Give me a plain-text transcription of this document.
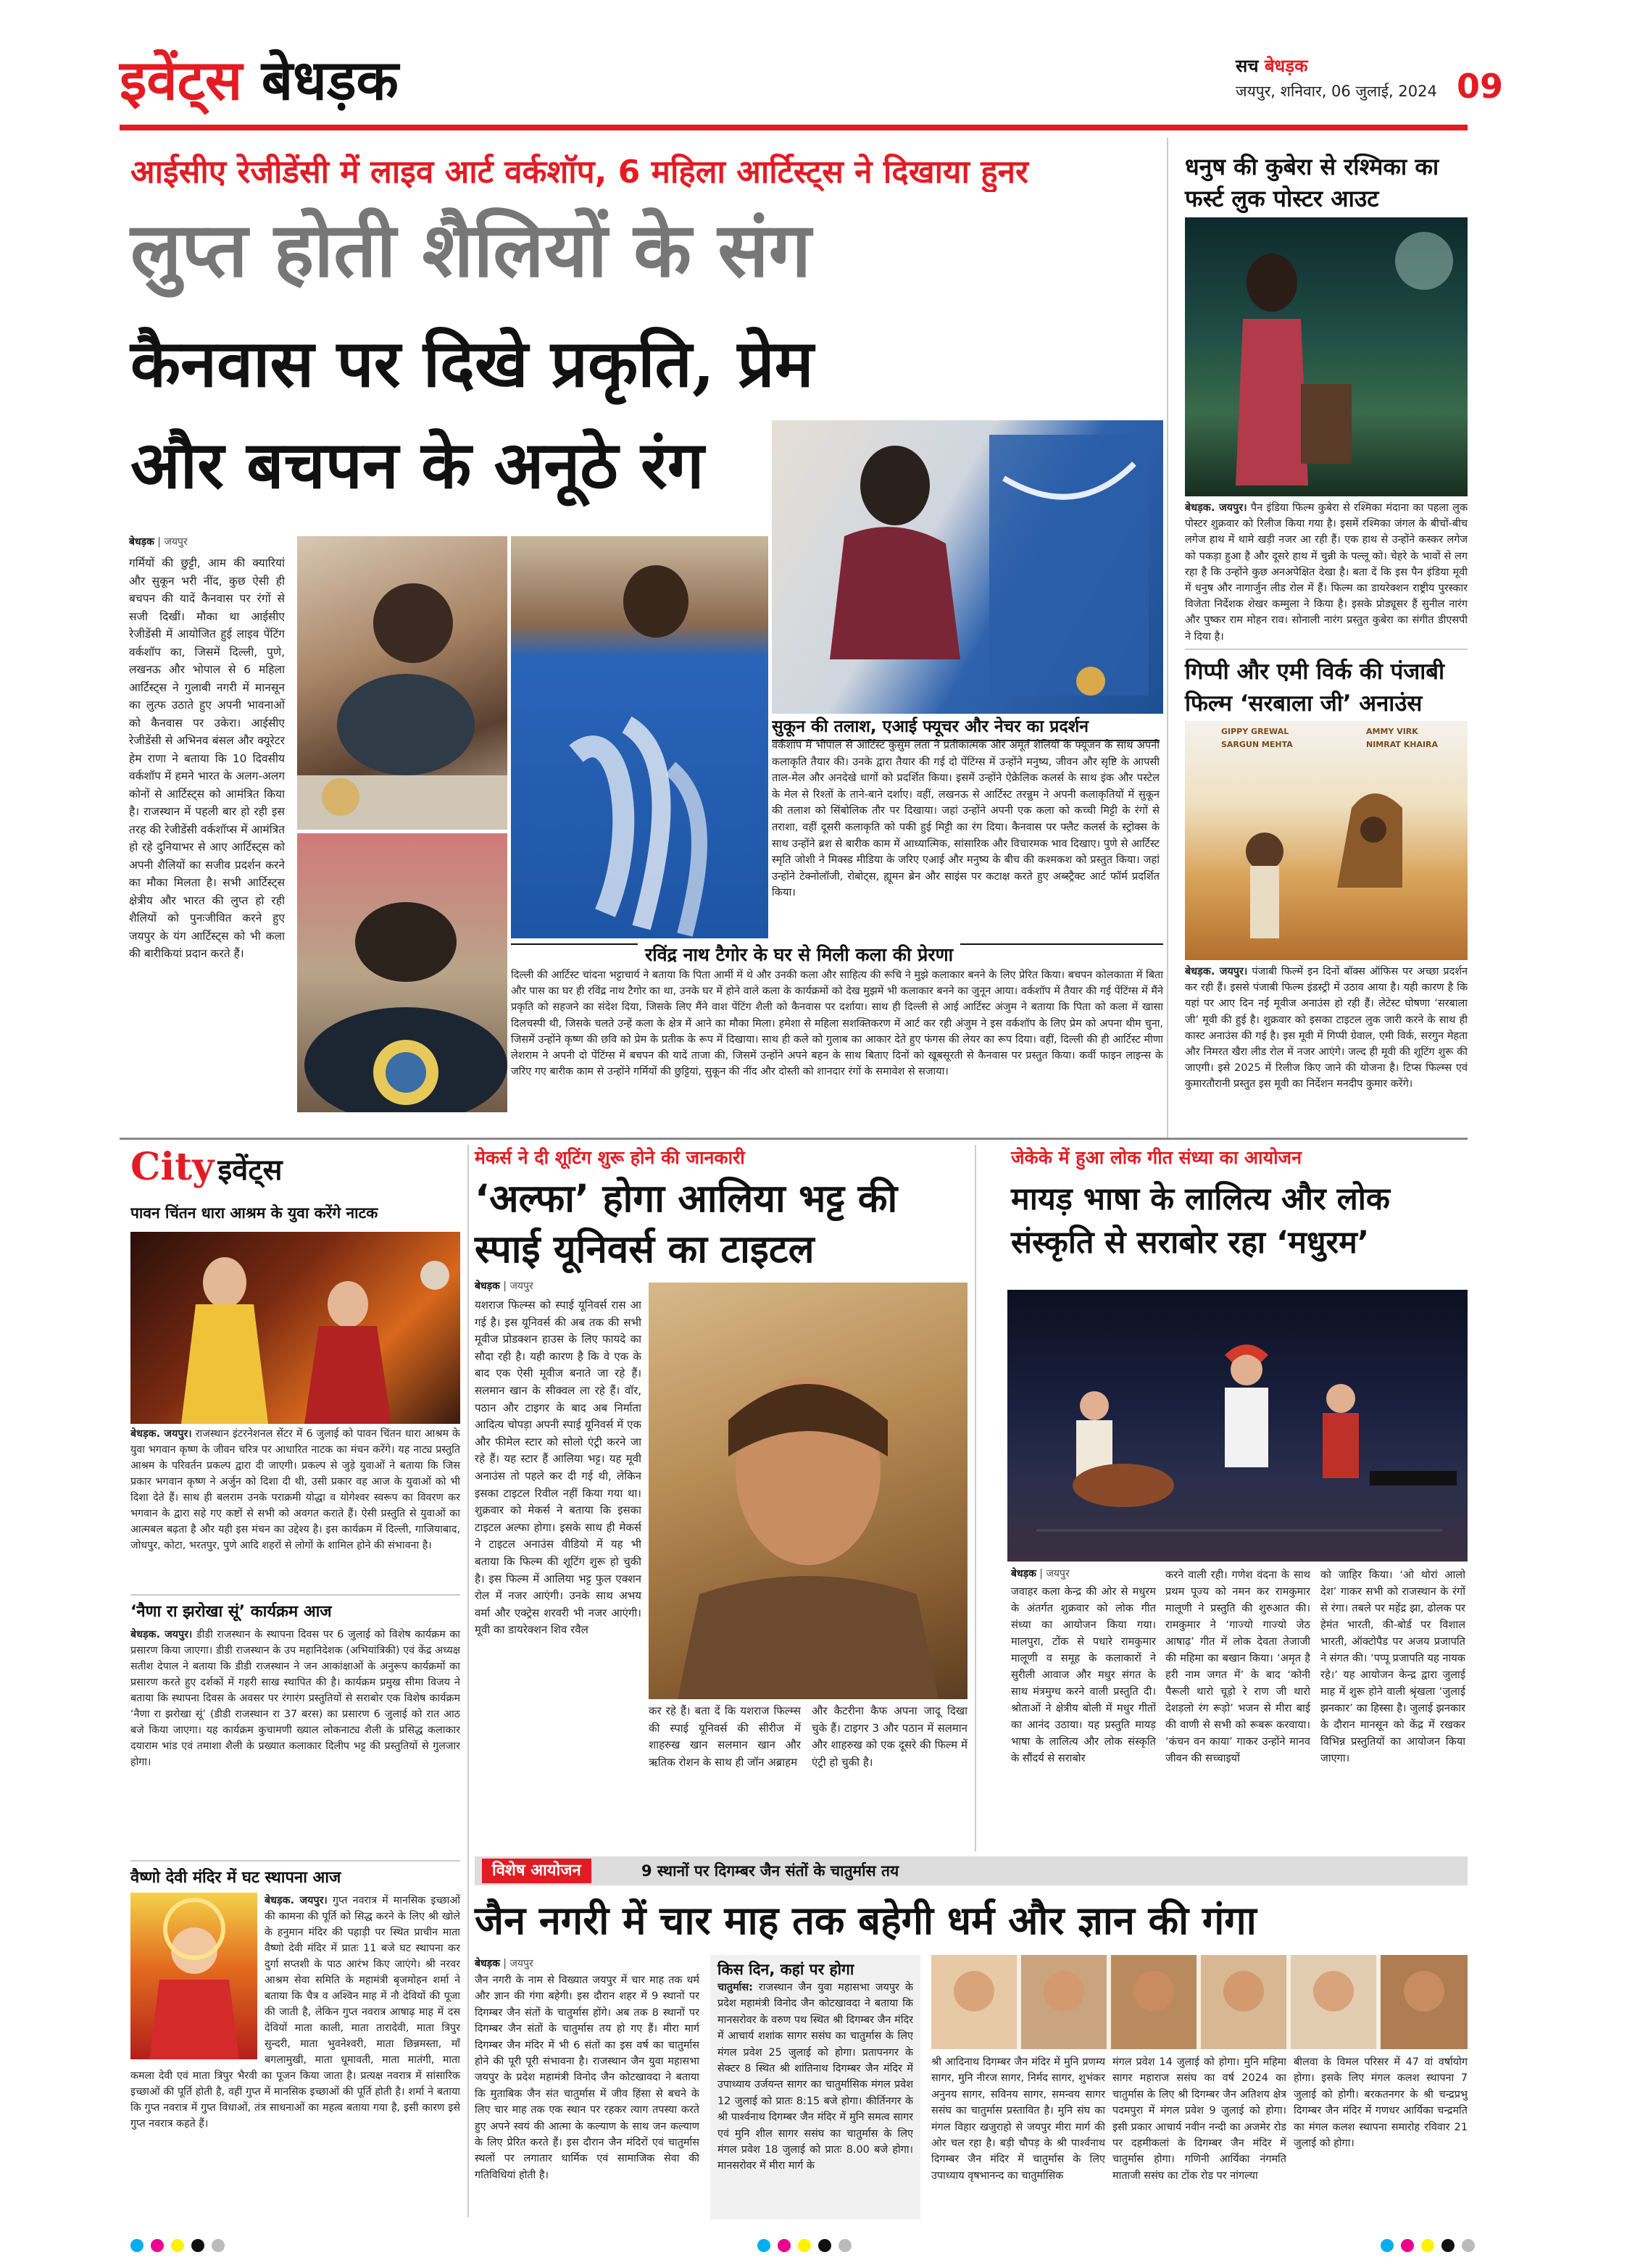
इवेंट्स बेधड़क	सच बेधड़क
जयपुर, शनिवार, 06 जुलाई, 2024 09
आईसीए रेजीडेंसी में लाइव आर्ट वर्कशॉप, 6 महिला आर्टिस्ट्स ने दिखाया हुनर
लुप्त होती शैलियों के संग
कैनवास पर दिखे प्रकृति, प्रेम
और बचपन के अनूठे रंग
बेधड़क | जयपुर
गर्मियों की छुट्टी, आम की क्यारियां और सुकून भरी नींद, कुछ ऐसी ही बचपन की यादें कैनवास पर रंगों से सजी दिखीं। मौका था आईसीए रेजीडेंसी में आयोजित हुई लाइव पेंटिंग वर्कशॉप का, जिसमें दिल्ली, पुणे, लखनऊ और भोपाल से 6 महिला आर्टिस्ट्स ने गुलाबी नगरी में मानसून का लुत्फ उठाते हुए अपनी भावनाओं को कैनवास पर उकेरा। आईसीए रेजीडेंसी से अभिनव बंसल और क्यूरेटर हेम राणा ने बताया कि 10 दिवसीय वर्कशॉप में हमने भारत के अलग-अलग कोनों से आर्टिस्ट्स को आमंत्रित किया है। राजस्थान में पहली बार हो रही इस तरह की रेजीडेंसी वर्कशॉप्स में आमंत्रित हो रहे दुनियाभर से आए आर्टिस्ट्स को अपनी शैलियों का सजीव प्रदर्शन करने का मौका मिलता है। सभी आर्टिस्ट्स क्षेत्रीय और भारत की लुप्त हो रही शैलियों को पुनःजीवित करने हुए जयपुर के यंग आर्टिस्ट्स को भी कला की बारीकियां प्रदान करते हैं।
सुकून की तलाश, एआई फ्यूचर और नेचर का प्रदर्शन
वर्कशॉप में भोपाल से आर्टिस्ट कुसुम लता ने प्रतीकात्मक और अमूर्त शैलियों के फ्यूजन के साथ अपनी कलाकृति तैयार की। उनके द्वारा तैयार की गई दो पेंटिंग्स में उन्होंने मनुष्य, जीवन और सृष्टि के आपसी ताल-मेल और अनदेखे धागों को प्रदर्शित किया। इसमें उन्होंने ऐक्रेलिक कलर्स के साथ इंक और पस्टेल के मेल से रिश्तों के ताने-बाने दर्शाए। वहीं, लखनऊ से आर्टिस्ट तरन्नुम ने अपनी कलाकृतियों में सुकून की तलाश को सिंबोलिक तौर पर दिखाया। जहां उन्होंने अपनी एक कला को कच्ची मिट्टी के रंगों से तराशा, वहीं दूसरी कलाकृति को पकी हुई मिट्टी का रंग दिया। कैनवास पर फ्लैट कलर्स के स्ट्रोक्स के साथ उन्होंने ब्रश से बारीक काम में आध्यात्मिक, सांसारिक और विचारमक भाव दिखाए। पुणे से आर्टिस्ट स्मृति जोशी ने मिक्स्ड मीडिया के जरिए एआई और मनुष्य के बीच की कश्मकश को प्रस्तुत किया। जहां उन्होंने टेक्नोलॉजी, रोबोट्स, ह्यूमन ब्रेन और साइंस पर कटाक्ष करते हुए अब्स्ट्रैक्ट आर्ट फॉर्म प्रदर्शित किया।
रविंद्र नाथ टैगोर के घर से मिली कला की प्रेरणा
दिल्ली की आर्टिस्ट चांदना भट्टाचार्य ने बताया कि पिता आर्मी में थे और उनकी कला और साहित्य की रूचि ने मुझे कलाकार बनने के लिए प्रेरित किया। बचपन कोलकाता में बिता और पास का घर ही रविंद्र नाथ टैगोर का था, उनके घर में होने वाले कला के कार्यक्रमों को देख मुझमें भी कलाकार बनने का जुनून आया। वर्कशॉप में तैयार की गई पेंटिंग्स में मैंने प्रकृति को सहजने का संदेश दिया, जिसके लिए मैंने वाश पेंटिंग शैली को कैनवास पर दर्शाया। साथ ही दिल्ली से आई आर्टिस्ट अंजुम ने बताया कि पिता को कला में खासा दिलचस्पी थी, जिसके चलते उन्हें कला के क्षेत्र में आने का मौका मिला। हमेशा से महिला सशक्तिकरण में आर्ट कर रही अंजुम ने इस वर्कशॉप के लिए प्रेम को अपना थीम चुना, जिसमें उन्होंने कृष्ण की छवि को प्रेम के प्रतीक के रूप में दिखाया। साथ ही कले को गुलाब का आकार देते हुए फंगस की लेयर का रूप दिया। वहीं, दिल्ली की ही आर्टिस्ट मीणा लेशराम ने अपनी दो पेंटिंग्स में बचपन की यादें ताजा की, जिसमें उन्होंने अपने बहन के साथ बिताए दिनों को खूबसूरती से कैनवास पर प्रस्तुत किया। कर्वी फाइन लाइन्स के जरिए गए बारीक काम से उन्होंने गर्मियों की छुट्टियां, सुकून की नींद और दोस्ती को शानदार रंगों के समावेश से सजाया।
धनुष की कुबेरा से रश्मिका का फर्स्ट लुक पोस्टर आउट
बेधड़क. जयपुर। पैन इंडिया फिल्म कुबेरा से रश्मिका मंदाना का पहला लुक पोस्टर शुक्रवार को रिलीज किया गया है। इसमें रश्मिका जंगल के बीचों-बीच लगेज हाथ में थामे खड़ी नजर आ रही हैं। एक हाथ से उन्होंने कस्कर लगेज को पकड़ा हुआ है और दूसरे हाथ में चुन्नी के पल्लू को। चेहरे के भावों से लग रहा है कि उन्होंने कुछ अनअपेक्षित देखा है। बता दें कि इस पैन इंडिया मूवी में धनुष और नागार्जुन लीड रोल में हैं। फिल्म का डायरेक्शन राष्ट्रीय पुरस्कार विजेता निर्देशक शेखर कम्मुला ने किया है। इसके प्रोड्यूसर हैं सुनील नारंग और पुष्कर राम मोहन राव। सोनाली नारंग प्रस्तुत कुबेरा का संगीत डीएसपी ने दिया है।
गिप्पी और एमी विर्क की पंजाबी फिल्म ‘सरबाला जी’ अनाउंस
GIPPY GREWAL	AMMY VIRK
SARGUN MEHTA	NIMRAT KHAIRA
बेधड़क. जयपुर। पंजाबी फिल्में इन दिनों बॉक्स ऑफिस पर अच्छा प्रदर्शन कर रही हैं। इससे पंजाबी फिल्म इंडस्ट्री में उठाव आया है। यही कारण है कि यहां पर आए दिन नई मूवीज अनाउंस हो रही हैं। लेटेस्ट घोषणा ‘सरबाला जी’ मूवी की हुई है। शुक्रवार को इसका टाइटल लुक जारी करने के साथ ही कास्ट अनाउंस की गई है। इस मूवी में गिप्पी ग्रेवाल, एमी विर्क, सरगुन मेहता और निमरत खैरा लीड रोल में नजर आएंगे। जल्द ही मूवी की शूटिंग शुरू की जाएगी। इसे 2025 में रिलीज किए जाने की योजना है। टिप्स फिल्म्स एवं कुमारतौरानी प्रस्तुत इस मूवी का निर्देशन मनदीप कुमार करेंगे।
City इवेंट्स
पावन चिंतन धारा आश्रम के युवा करेंगे नाटक
बेधड़क. जयपुर। राजस्थान इंटरनेशनल सेंटर में 6 जुलाई को पावन चिंतन धारा आश्रम के युवा भगवान कृष्ण के जीवन चरित्र पर आधारित नाटक का मंचन करेंगे। यह नाट्य प्रस्तुति आश्रम के परिवर्तन प्रकल्प द्वारा दी जाएगी। प्रकल्प से जुड़े युवाओं ने बताया कि जिस प्रकार भगवान कृष्ण ने अर्जुन को दिशा दी थी, उसी प्रकार वह आज के युवाओं को भी दिशा देते हैं। साथ ही बलराम उनके पराक्रमी योद्धा व योगेश्वर स्वरूप का विवरण कर भगवान के द्वारा सहे गए कष्टों से सभी को अवगत कराते हैं। ऐसी प्रस्तुति से युवाओं का आत्मबल बढ़ता है और यही इस मंचन का उद्देश्य है। इस कार्यक्रम में दिल्ली, गाजियाबाद, जोधपुर, कोटा, भरतपुर, पुणे आदि शहरों से लोगों के शामिल होने की संभावना है।
‘नैणा रा झरोखा सूं’ कार्यक्रम आज
बेधड़क. जयपुर। डीडी राजस्थान के स्थापना दिवस पर 6 जुलाई को विशेष कार्यक्रम का प्रसारण किया जाएगा। डीडी राजस्थान के उप महानिदेशक (अभियांत्रिकी) एवं केंद्र अध्यक्ष सतीश देपाल ने बताया कि डीडी राजस्थान ने जन आकांक्षाओं के अनुरूप कार्यक्रमों का प्रसारण करते हुए दर्शकों में गहरी साख स्थापित की है। कार्यक्रम प्रमुख सीमा विजय ने बताया कि स्थापना दिवस के अवसर पर रंगारंग प्रस्तुतियों से सराबोर एक विशेष कार्यक्रम ‘नैणा रा झरोखा सूं’ (डीडी राजस्थान रा 37 बरस) का प्रसारण 6 जुलाई को रात आठ बजे किया जाएगा। यह कार्यक्रम कुचामणी ख्याल लोकनाट्य शैली के प्रसिद्ध कलाकार दयाराम भांड एवं तमाशा शैली के प्रख्यात कलाकार दिलीप भट्ट की प्रस्तुतियों से गुलजार होगा।
वैष्णो देवी मंदिर में घट स्थापना आज
बेधड़क. जयपुर। गुप्त नवरात्र में मानसिक इच्छाओं की कामना की पूर्ति को सिद्ध करने के लिए श्री खोले के हनुमान मंदिर की पहाड़ी पर स्थित प्राचीन माता वैष्णो देवी मंदिर में प्रातः 11 बजे घट स्थापना कर दुर्गा सप्तशी के पाठ आरंभ किए जाएंगे। श्री नरवर आश्रम सेवा समिति के महामंत्री बृजमोहन शर्मा ने बताया कि चैत्र व अश्विन माह में नौ देवियों की पूजा की जाती है, लेकिन गुप्त नवरात्र आषाढ़ माह में दस देवियों माता काली, माता तारादेवी, माता त्रिपुर सुन्दरी, माता भुवनेश्वरी, माता छिन्नमस्ता, माँ बगलामुखी, माता धूमावती, माता मातंगी, माता कमला देवी एवं माता त्रिपुर भैरवी का पूजन किया जाता है। प्रत्यक्ष नवरात्र में सांसारिक इच्छाओं की पूर्ति होती है, वहीं गुप्त में मानसिक इच्छाओं की पूर्ति होती है। शर्मा ने बताया कि गुप्त नवरात्र में गुप्त विधाओं, तंत्र साधनाओं का महत्व बताया गया है, इसी कारण इसे गुप्त नवरात्र कहते हैं।
मेकर्स ने दी शूटिंग शुरू होने की जानकारी
‘अल्फा’ होगा आलिया भट्ट की स्पाई यूनिवर्स का टाइटल
बेधड़क | जयपुर
यशराज फिल्म्स को स्पाई यूनिवर्स रास आ गई है। इस यूनिवर्स की अब तक की सभी मूवीज प्रोडक्शन हाउस के लिए फायदे का सौदा रही है। यही कारण है कि वे एक के बाद एक ऐसी मूवीज बनाते जा रहे हैं। सलमान खान के सीक्वल ला रहे हैं। वॉर, पठान और टाइगर के बाद अब निर्माता आदित्य चोपड़ा अपनी स्पाई यूनिवर्स में एक और फीमेल स्टार को सोलो एंट्री करने जा रहे हैं। यह स्टार हैं आलिया भट्ट। यह मूवी अनाउंस तो पहले कर दी गई थी, लेकिन इसका टाइटल रिवील नहीं किया गया था। शुक्रवार को मेकर्स ने बताया कि इसका टाइटल अल्फा होगा। इसके साथ ही मेकर्स ने टाइटल अनाउंस वीडियो में यह भी बताया कि फिल्म की शूटिंग शुरू हो चुकी है। इस फिल्म में आलिया भट्ट फुल एक्शन रोल में नजर आएंगी। उनके साथ अभय वर्मा और एक्ट्रेस शरवरी भी नजर आएंगी। मूवी का डायरेक्शन शिव रवैल
कर रहे हैं। बता दें कि यशराज फिल्म्स की स्पाई यूनिवर्स की सीरीज में शाहरुख खान सलमान खान और ऋतिक रोशन के साथ ही जॉन अब्राहम
और कैटरीना कैफ अपना जादू दिखा चुके हैं। टाइगर 3 और पठान में सलमान और शाहरुख को एक दूसरे की फिल्म में एंट्री हो चुकी है।
जेकेके में हुआ लोक गीत संध्या का आयोजन
मायड़ भाषा के लालित्य और लोक संस्कृति से सराबोर रहा ‘मधुरम’
बेधड़क | जयपुर
जवाहर कला केन्द्र की ओर से मधुरम के अंतर्गत शुक्रवार को लोक गीत संध्या का आयोजन किया गया। मालपुरा, टोंक से पधारे रामकुमार मालूणी व समूह के कलाकारों ने सुरीली आवाज और मधुर संगत के साथ मंत्रमुग्ध करने वाली प्रस्तुति दी। श्रोताओं ने क्षेत्रीय बोली में मधुर गीतों का आनंद उठाया। यह प्रस्तुति मायड़ भाषा के लालित्य और लोक संस्कृति के सौंदर्य से सराबोर
करने वाली रही। गणेश वंदना के साथ प्रथम पूज्य को नमन कर रामकुमार मालूणी ने प्रस्तुति की शुरुआत की। रामकुमार ने ‘गाज्यो गाज्यो जेठ आषाढ़’ गीत में लोक देवता तेजाजी की महिमा का बखान किया। ‘अमृत है हरी नाम जगत में’ के बाद ‘कोनी पैरूली थारो चूड़ो रे राण जी थारो देशड़लो रंग रूड़ो’ भजन से मीरा बाई की वाणी से सभी को रूबरू करवाया। ‘कंचन वन काया’ गाकर उन्होंने मानव जीवन की सच्चाइयों
को जाहिर किया। ‘ओ थोरां आलो देश’ गाकर सभी को राजस्थान के रंगों से रंगा। तबले पर महेंद्र झा, ढोलक पर हेमंत भारती, की-बोर्ड पर विशाल भारती, ऑक्टोपैड पर अजय प्रजापति ने संगत की। ‘पप्पू प्रजापति यह नायक रहे।’ यह आयोजन केन्द्र द्वारा जुलाई माह में शुरू होने वाली श्रृंखला ‘जुलाई झनकार’ का हिस्सा है। जुलाई झनकार के दौरान मानसून को केंद्र में रखकर विभिन्न प्रस्तुतियों का आयोजन किया जाएगा।
विशेष आयोजन	9 स्थानों पर दिगम्बर जैन संतों के चातुर्मास तय
जैन नगरी में चार माह तक बहेगी धर्म और ज्ञान की गंगा
बेधड़क | जयपुर
जैन नगरी के नाम से विख्यात जयपुर में चार माह तक धर्म और ज्ञान की गंगा बहेगी। इस दौरान शहर में 9 स्थानों पर दिगम्बर जैन संतों के चातुर्मास होंगे। अब तक 8 स्थानों पर दिगम्बर जैन संतों के चातुर्मास तय हो गए हैं। मीरा मार्ग दिगम्बर जैन मंदिर में भी 6 संतों का इस वर्ष का चातुर्मास होने की पूरी पूरी संभावना है। राजस्थान जैन युवा महासभा जयपुर के प्रदेश महामंत्री विनोद जैन कोटखावदा ने बताया कि मुताबिक जैन संत चातुर्मास में जीव हिंसा से बचने के लिए चार माह तक एक स्थान पर रहकर त्याग तपस्या करते हुए अपने स्वयं की आत्मा के कल्याण के साथ जन कल्याण के लिए प्रेरित करते हैं। इस दौरान जैन मंदिरों एवं चातुर्मास स्थलों पर लगातार धार्मिक एवं सामाजिक सेवा की गतिविधियां होती है।
किस दिन, कहां पर होगा
चातुर्मास: राजस्थान जैन युवा महासभा जयपुर के प्रदेश महामंत्री विनोद जैन कोटखावदा ने बताया कि मानसरोवर के वरुण पथ स्थित श्री दिगम्बर जैन मंदिर में आचार्य शशांक सागर ससंघ का चातुर्मास के लिए मंगल प्रवेश 25 जुलाई को होगा। प्रतापनगर के सेक्टर 8 स्थित श्री शांतिनाथ दिगम्बर जैन मंदिर में उपाध्याय उर्जयन्त सागर का चातुर्मासिक मंगल प्रवेश 12 जुलाई को प्रातः 8:15 बजे होगा। कीर्तिनगर के श्री पार्श्वनाथ दिगम्बर जैन मंदिर में मुनि समत्व सागर एवं मुनि शील सागर ससंघ का चातुर्मास के लिए मंगल प्रवेश 18 जुलाई को प्रातः 8.00 बजे होगा। मानसरोवर में मीरा मार्ग के
श्री आदिनाथ दिगम्बर जैन मंदिर में मुनि प्रणम्य सागर, मुनि नीरज सागर, निर्मद सागर, शुभंकर अनुनय सागर, सविनय सागर, समन्वय सागर ससंघ का चातुर्मास प्रस्तावित है। मुनि संघ का मंगल विहार खजुराहो से जयपुर मीरा मार्ग की ओर चल रहा है। बड़ी चौपड़ के श्री पार्श्वनाथ दिगम्बर जैन मंदिर में चातुर्मास के लिए उपाध्याय वृषभानन्द का चातुर्मासिक
मंगल प्रवेश 14 जुलाई को होगा। मुनि महिमा सागर महाराज ससंघ का वर्ष 2024 का चातुर्मास के लिए श्री दिगम्बर जैन अतिशय क्षेत्र पदमपुरा में मंगल प्रवेश 9 जुलाई को होगा। इसी प्रकार आचार्य नवीन नन्दी का अजमेर रोड पर दहमीकलां के दिगम्बर जैन मंदिर में चातुर्मास होगा। गणिनी आर्यिका नंगमति माताजी ससंघ का टोंक रोड पर नांगल्या
बीलवा के विमल परिसर में 47 वां वर्षायोग होगा। इसके लिए मंगल कलश स्थापना 7 जुलाई को होगी। बरकतनगर के श्री चन्द्रप्रभु दिगम्बर जैन मंदिर में गणधर आर्यिका चन्द्रमति का मंगल कलश स्थापना समारोह रविवार 21 जुलाई को होगा।
